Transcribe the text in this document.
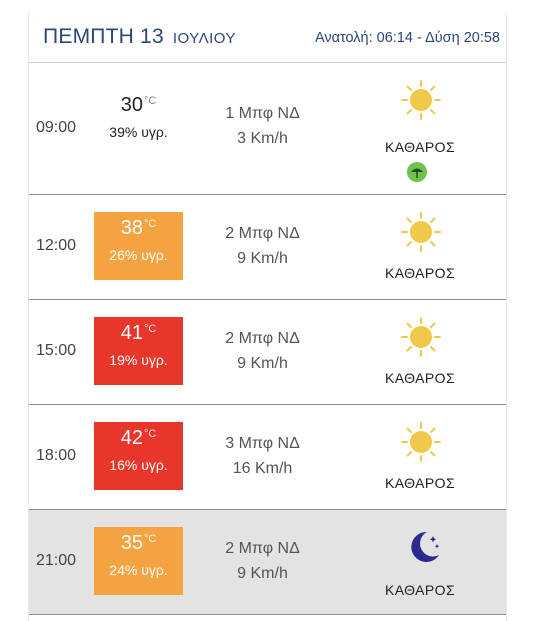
ΠΕΜΠΤΗ 13 ΙΟΥΛΙΟΥ	Ανατολή: 06:14 - Δύση 20:58
09:00
$30^{^\circ C}$
39% υγρ.
1 Μπφ ΝΔ
3 Km/h	ΚΑΘΑΡΟΣ
12:00
$38^{^\circ C}$
26% υγρ.
2 Μπφ ΝΔ
9 Km/h
ΚΑΘΑΡΟΣ
15:00
$41^{^\circ C}$
19% υγρ.
2 Μπφ ΝΔ
9 Km/h
ΚΑΘΑΡΟΣ
18:00
$42^{^\circ C}$
16% υγρ.
3 Μπφ ΝΔ
16 Km/h
ΚΑΘΑΡΟΣ
21:00
$35^{^\circ C}$
24% υγρ.
2 Μπφ ΝΔ
9 Km/h
ΚΑΘΑΡΟΣ
